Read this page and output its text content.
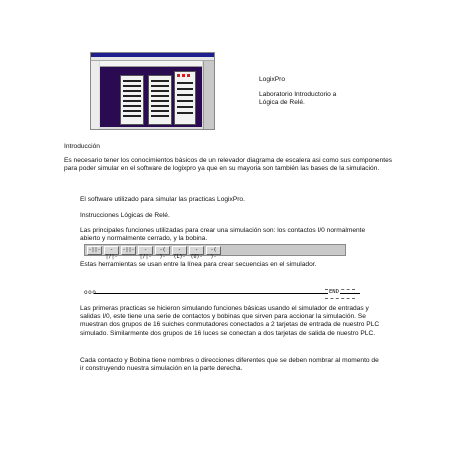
LogixPro
Laboratorio Introductorio a Lógica de Relé.
Introducción
Es necesario tener los conocimientos básicos de un relevador diagrama de escalera asi como sus componentes para poder simular en el software de logixpro ya que en su mayoria son también las bases de la simulación.
El software utilizado para simular las practicas LogixPro.
Instrucciones Lógicas de Relé.
Las principales funciones utilizadas para crear una simulación son: los contactos I/0 normalmente abierto y normalmente cerrado, y la bobina.
-||-	-|/|-
-||-	-|/|-
-( )-
-(L)-
-(U)-
-( )-
Estas herramientas se usan entre la línea para crear secuencias en el simulador.
ooo	END
Las primeras practicas se hicieron simulando funciones básicas usando el simulador de entradas y salidas I/0, este tiene una serie de contactos y bobinas que sirven para accionar la simulación. Se muestran dos grupos de 16 suiches conmutadores conectados a 2 tarjetas de entrada de nuestro PLC simulado. Similarmente dos grupos de 16 luces se conectan a dos tarjetas de salida de nuestro PLC.
Cada contacto y Bobina tiene nombres o direcciones diferentes que se deben nombrar al momento de ir construyendo nuestra simulación en la parte derecha.
